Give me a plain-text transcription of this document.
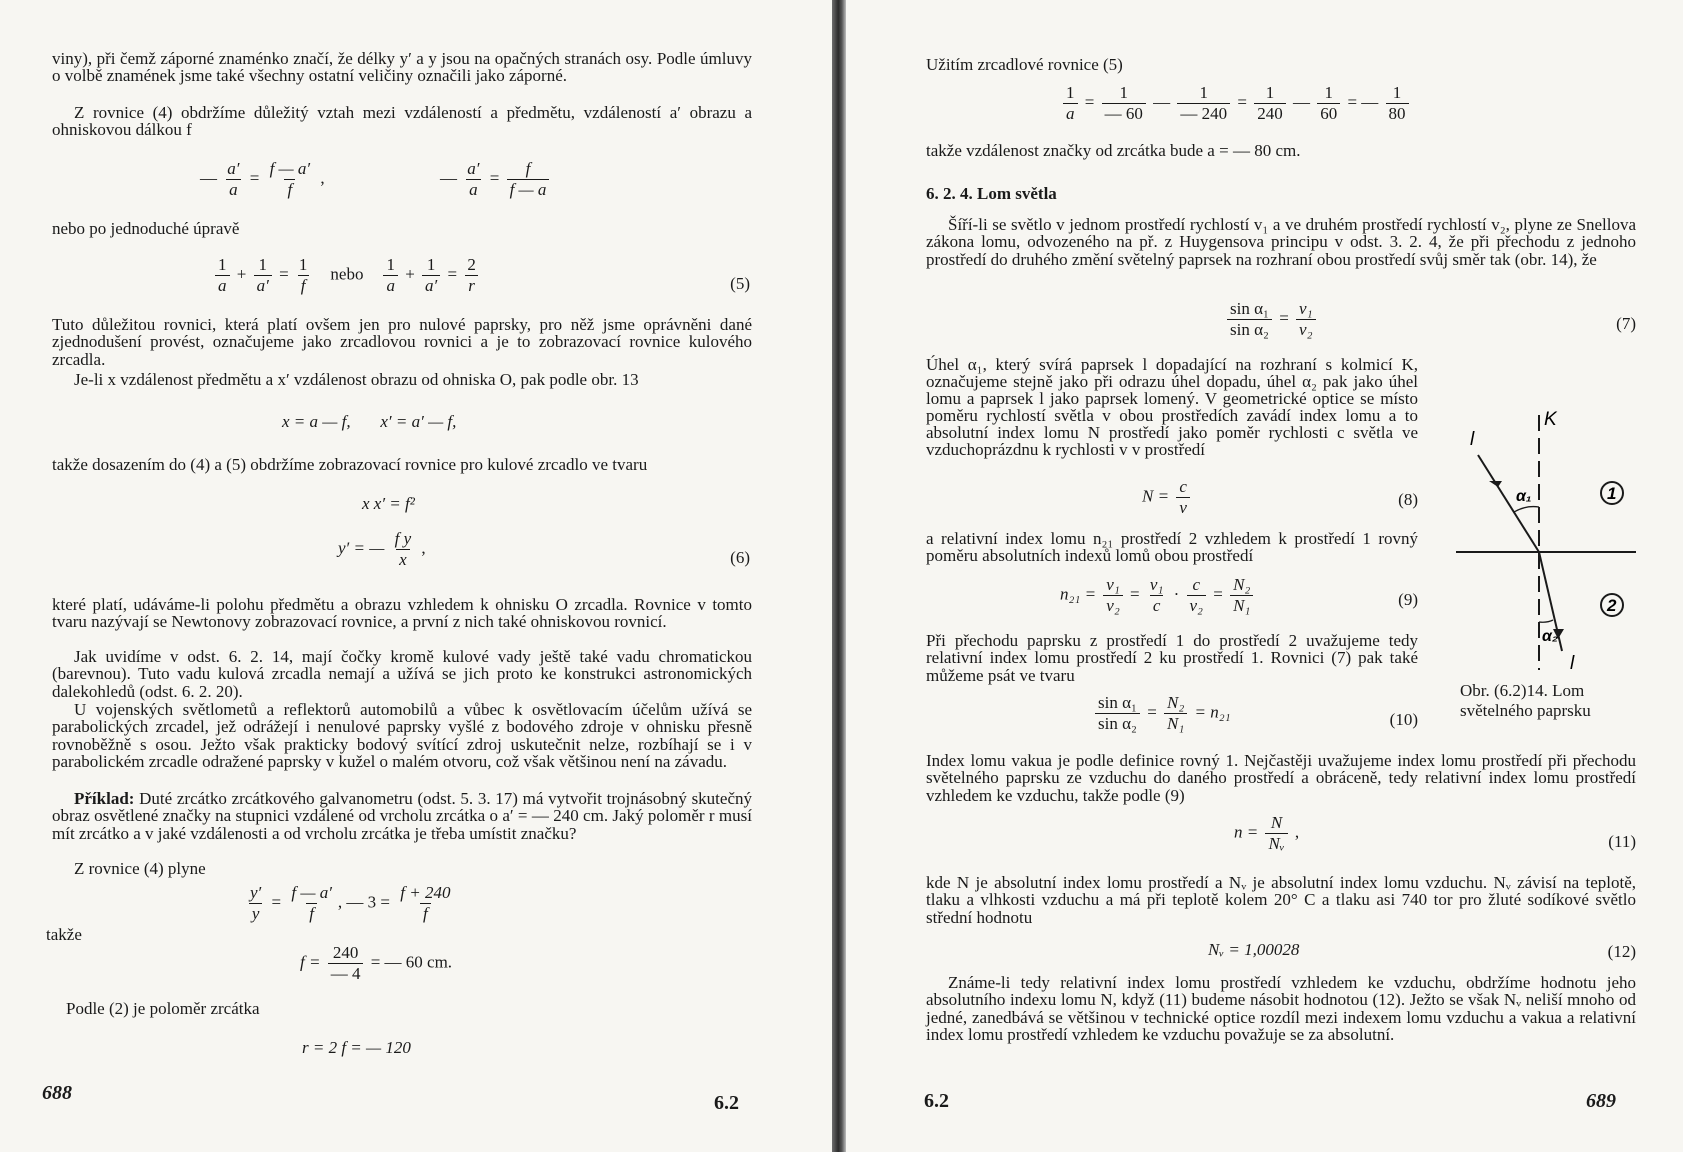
viny), při čemž záporné znaménko značí, že délky y′ a y jsou na opačných stranách osy. Podle úmluvy o volbě znamének jsme také všechny ostatní veličiny označili jako záporné.
Z rovnice (4) obdržíme důležitý vztah mezi vzdáleností a předmětu, vzdáleností a′ obrazu a ohniskovou dálkou f
— $\frac{a'}{a} = \frac{f — a'}{f}$ ,	— $\frac{a'}{a} = \frac{f}{f — a}$
nebo po jednoduché úpravě
$\frac{1}{a} + \frac{1}{a'} = \frac{1}{f}$ nebo $\frac{1}{a} + \frac{1}{a'} = \frac{2}{r}$	(5)
Tuto důležitou rovnici, která platí ovšem jen pro nulové paprsky, pro něž jsme oprávněni dané zjednodušení provést, označujeme jako zrcadlovou rovnici a je to zobrazovací rovnice kulového zrcadla.
Je-li x vzdálenost předmětu a x′ vzdálenost obrazu od ohniska O, pak podle obr. 13
x = a — f, x′ = a′ — f,
takže dosazením do (4) a (5) obdržíme zobrazovací rovnice pro kulové zrcadlo ve tvaru
x x′ = f²
y′ = — $\frac{\text{f y}}{x}$ ,
(6)
které platí, udáváme-li polohu předmětu a obrazu vzhledem k ohnisku O zrcadla. Rovnice v tomto tvaru nazývají se Newtonovy zobrazovací rovnice, a první z nich také ohniskovou rovnicí.
Jak uvidíme v odst. 6. 2. 14, mají čočky kromě kulové vady ještě také vadu chromatickou (barevnou). Tuto vadu kulová zrcadla nemají a užívá se jich proto ke konstrukci astronomických dalekohledů (odst. 6. 2. 20).
U vojenských světlometů a reflektorů automobilů a vůbec k osvětlovacím účelům užívá se parabolických zrcadel, jež odrážejí i nenulové paprsky vyšlé z bodového zdroje v ohnisku přesně rovnoběžně s osou. Ježto však prakticky bodový svítící zdroj uskutečnit nelze, rozbíhají se i v parabolickém zrcadle odražené paprsky v kužel o malém otvoru, což však většinou není na závadu.
Příklad: Duté zrcátko zrcátkového galvanometru (odst. 5. 3. 17) má vytvořit trojnásobný skutečný obraz osvětlené značky na stupnici vzdálené od vrcholu zrcátka o a′ = — 240 cm. Jaký poloměr r musí mít zrcátko a v jaké vzdálenosti a od vrcholu zrcátka je třeba umístit značku?
Z rovnice (4) plyne
$\frac{y'}{y} = \frac{f — a'}{f}$ , — $3 = \frac{f + 240}{f}$
takže
$f = \frac{240}{— 4}$ = — 60 cm.
Podle (2) je poloměr zrcátka
r = 2 f = — 120
688	6.2
Užitím zrcadlové rovnice (5)
$\frac{1}{a} = \frac{1}{— 60}$ — $\frac{1}{— 240} = \frac{1}{240}$ — $\frac{1}{60}$ = — $\frac{1}{80}$
takže vzdálenost značky od zrcátka bude a = — 80 cm.
6. 2. 4. Lom světla
Šíří-li se světlo v jednom prostředí rychlostí v₁ a ve druhém prostředí rychlostí v₂, plyne ze Snellova zákona lomu, odvozeného na př. z Huygensova principu v odst. 3. 2. 4, že při přechodu z jednoho prostředí do druhého změní světelný paprsek na rozhraní obou prostředí svůj směr tak (obr. 14), že
$\frac{\text{sin α₁}}{\text{sin α₂}} = \frac{\text{v₁}}{\text{v₂}}$	(7)
Úhel α₁, který svírá paprsek l dopadající na rozhraní s kolmicí K, označujeme stejně jako při odrazu úhel dopadu, úhel α₂ pak jako úhel lomu a paprsek l jako paprsek lomený. V geometrické optice se místo poměru rychlostí světla v obou prostředích zavádí index lomu a to absolutní index lomu N prostředí jako poměr rychlosti c světla ve vzduchoprázdnu k rychlosti v v prostředí
$N = \frac{c}{v}$	(8)
a relativní index lomu n₂₁ prostředí 2 vzhledem k prostředí 1 rovný poměru absolutních indexů lomů obou prostředí
$n_{21} = \frac{\text{v₁}}{\text{v₂}} = \frac{\text{v₁}}{c} \cdot \frac{c}{\text{v₂}} = \frac{\text{N₂}}{\text{N₁}}$	(9)
Při přechodu paprsku z prostředí 1 do prostředí 2 uvažujeme tedy relativní index lomu prostředí 2 ku prostředí 1. Rovnici (7) pak také můžeme psát ve tvaru
$\frac{\text{sin α₁}}{\text{sin α₂}} = \frac{\text{N₂}}{\text{N₁}} = n_{21}$	(10)
Index lomu vakua je podle definice rovný 1. Nejčastěji uvažujeme index lomu prostředí při přechodu světelného paprsku ze vzduchu do daného prostředí a obráceně, tedy relativní index lomu prostředí vzhledem ke vzduchu, takže podle (9)
$n = \frac{N}{\text{Nᵥ}}$ ,
(11)
kde N je absolutní index lomu prostředí a Nᵥ je absolutní index lomu vzduchu. Nᵥ závisí na teplotě, tlaku a vlhkosti vzduchu a má při teplotě kolem 20° C a tlaku asi 740 tor pro žluté sodíkové světlo střední hodnotu
Nᵥ = 1,00028	(12)
Známe-li tedy relativní index lomu prostředí vzhledem ke vzduchu, obdržíme hodnotu jeho absolutního indexu lomu N, když (11) budeme násobit hodnotou (12). Ježto se však Nᵥ neliší mnoho od jedné, zanedbává se většinou v technické optice rozdíl mezi indexem lomu vzduchu a vakua a relativní index lomu prostředí vzhledem ke vzduchu považuje se za absolutní.
K
l
l
α₁
α₂
1
2
Obr. (6.2)14. Lom
světelného paprsku
6.2	689
